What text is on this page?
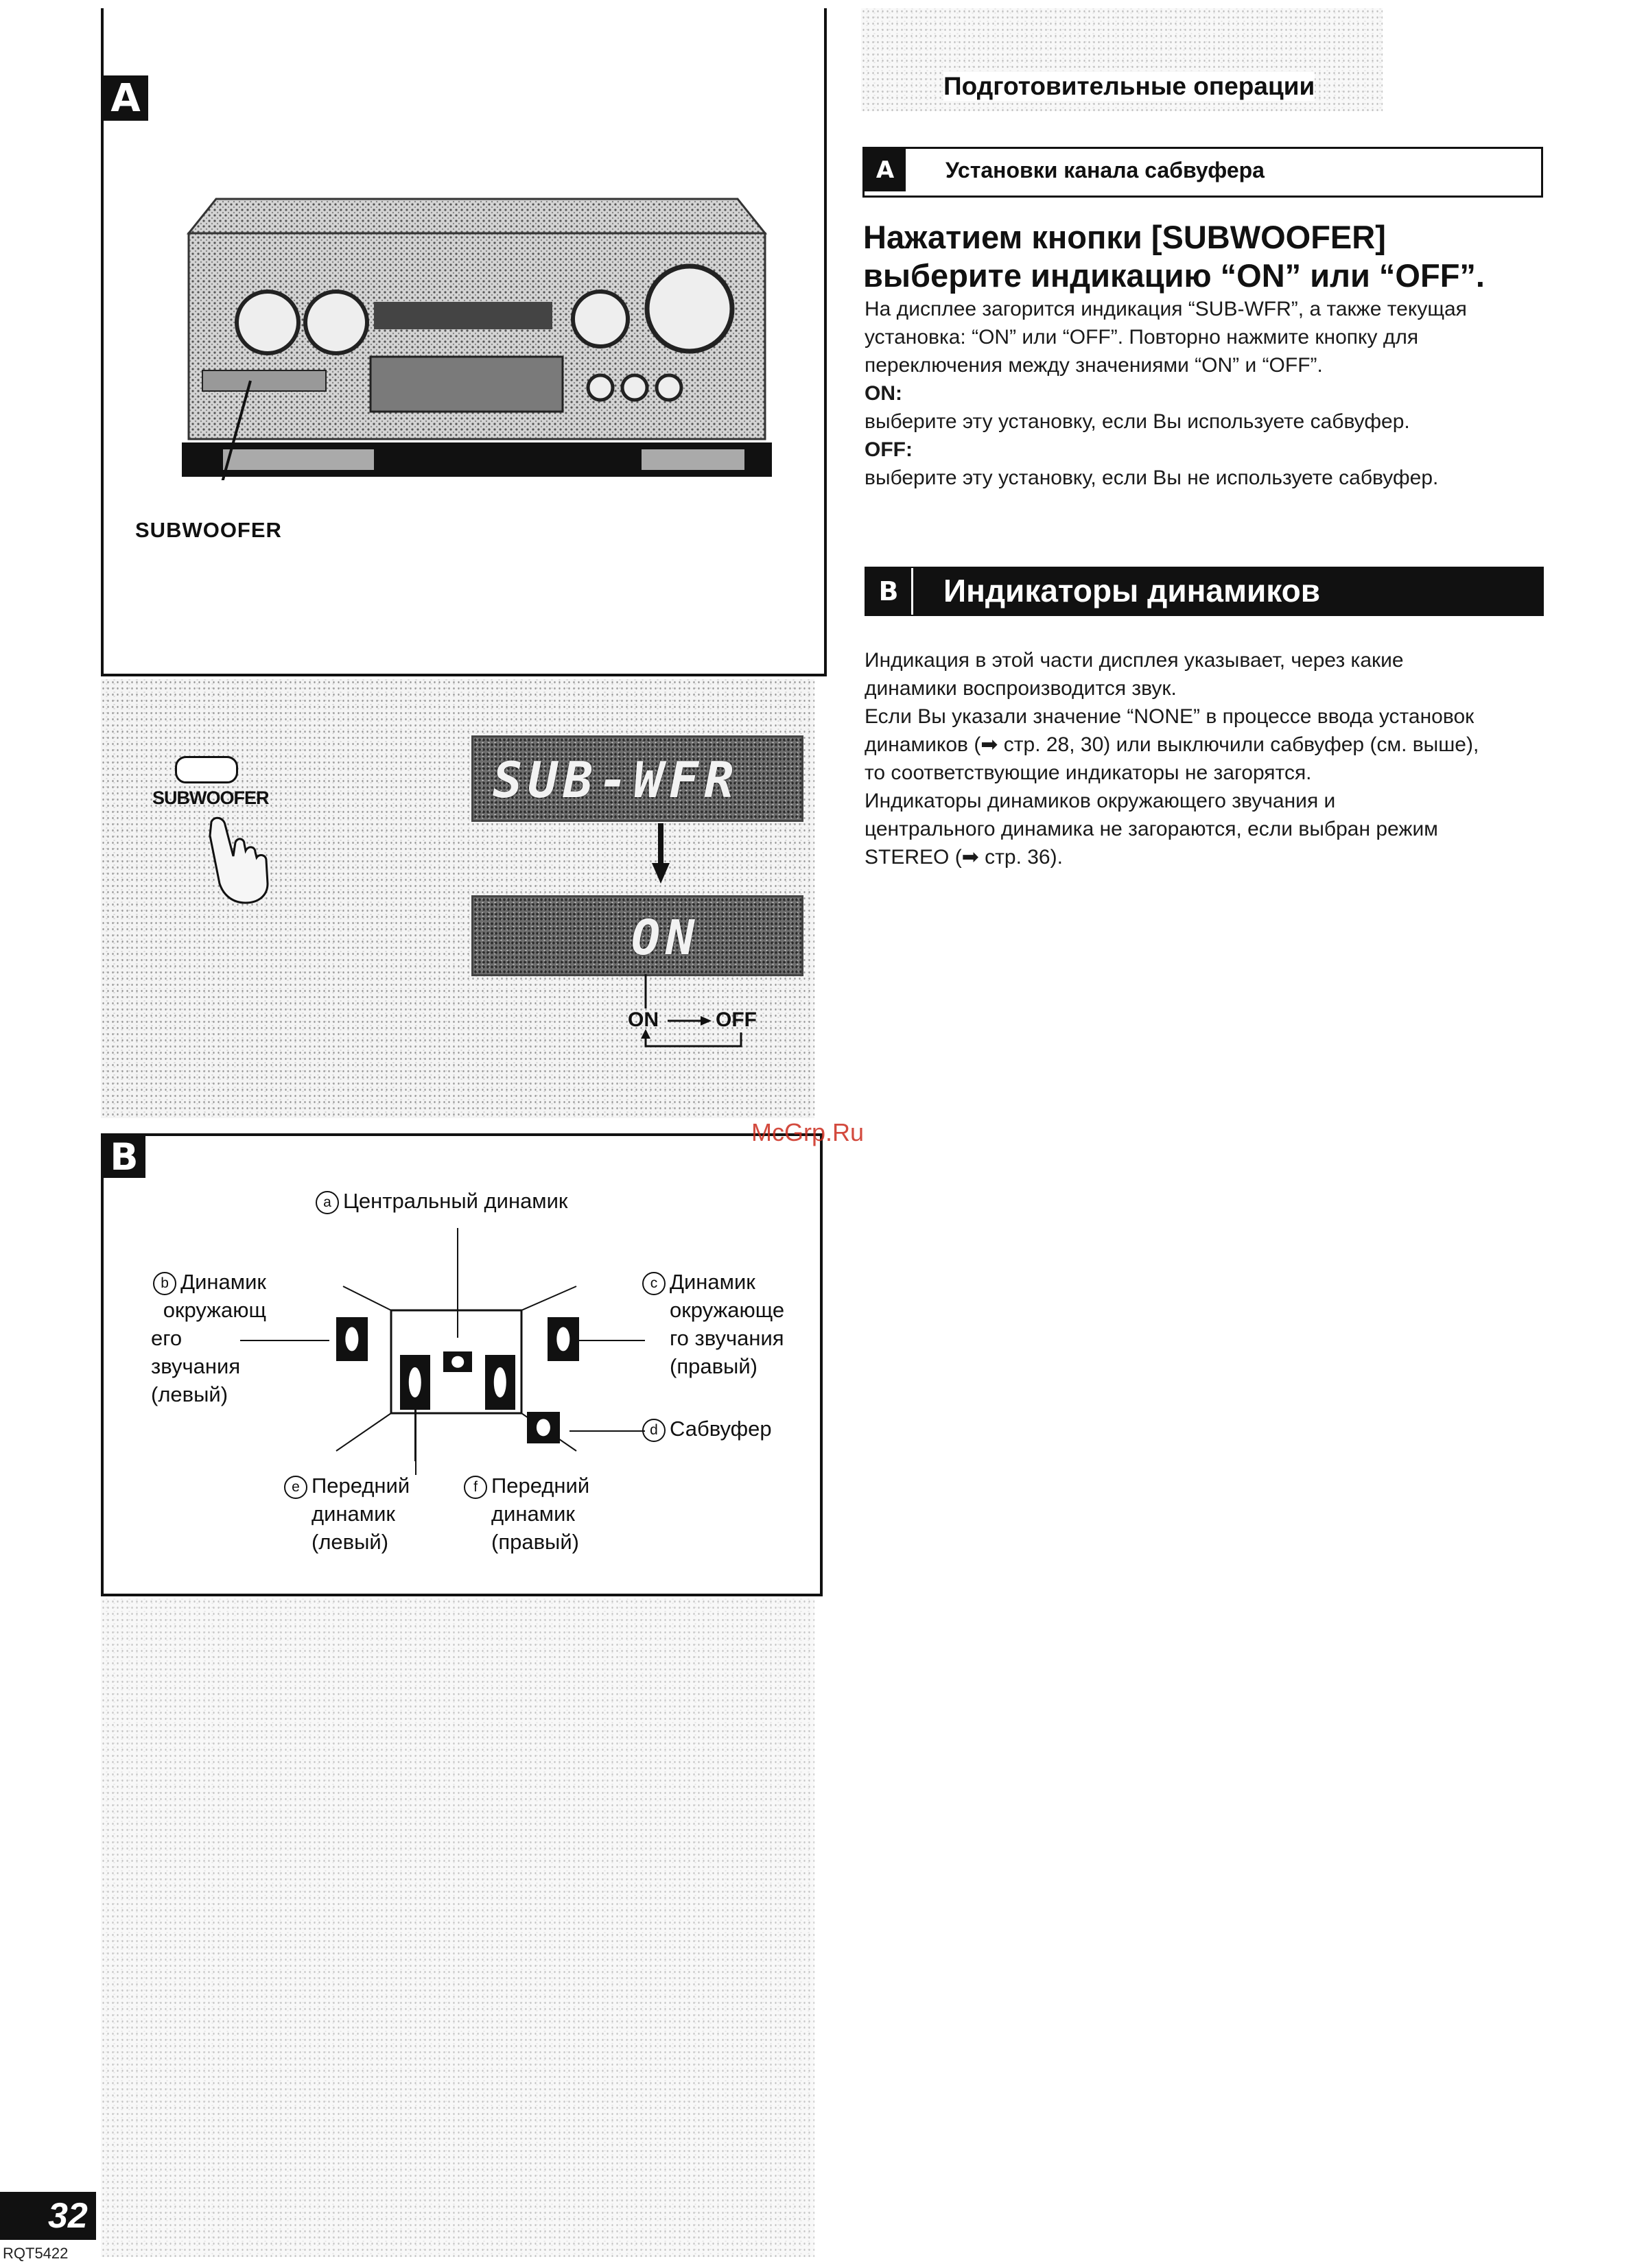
A
SUBWOOFER
SUBWOOFER	SUB-WFR
ON
ON	OFF
B
a Центральный динамик
b Динамик
окружающ
его
звучания
(левый)
c Динамик
окружающе
го звучания
(правый)
d Сабвуфер
e Передний
динамик
(левый)
f Передний
динамик
(правый)
Подготовительные операции
A	Установки канала сабвуфера
Нажатием кнопки [SUBWOOFER]
выберите индикацию “ON” или “OFF”.

На дисплее загорится индикация “SUB-WFR”, а также текущая

установка: “ON” или “OFF”. Повторно нажмите кнопку для

переключения между значениями “ON” и “OFF”.

ON:

выберите эту установку, если Вы используете сабвуфер.

OFF:

выберите эту установку, если Вы не используете сабвуфер.

B	Индикаторы динамиков

Индикация в этой части дисплея указывает, через какие

динамики воспроизводится звук.

Если Вы указали значение “NONE” в процессе ввода установок

динамиков (➡ стр. 28, 30) или выключили сабвуфер (см. выше),

то соответствующие индикаторы не загорятся.

Индикаторы динамиков окружающего звучания и

центрального динамика не загораются, если выбран режим

STEREO (➡ стр. 36).

McGrp.Ru
32
RQT5422
